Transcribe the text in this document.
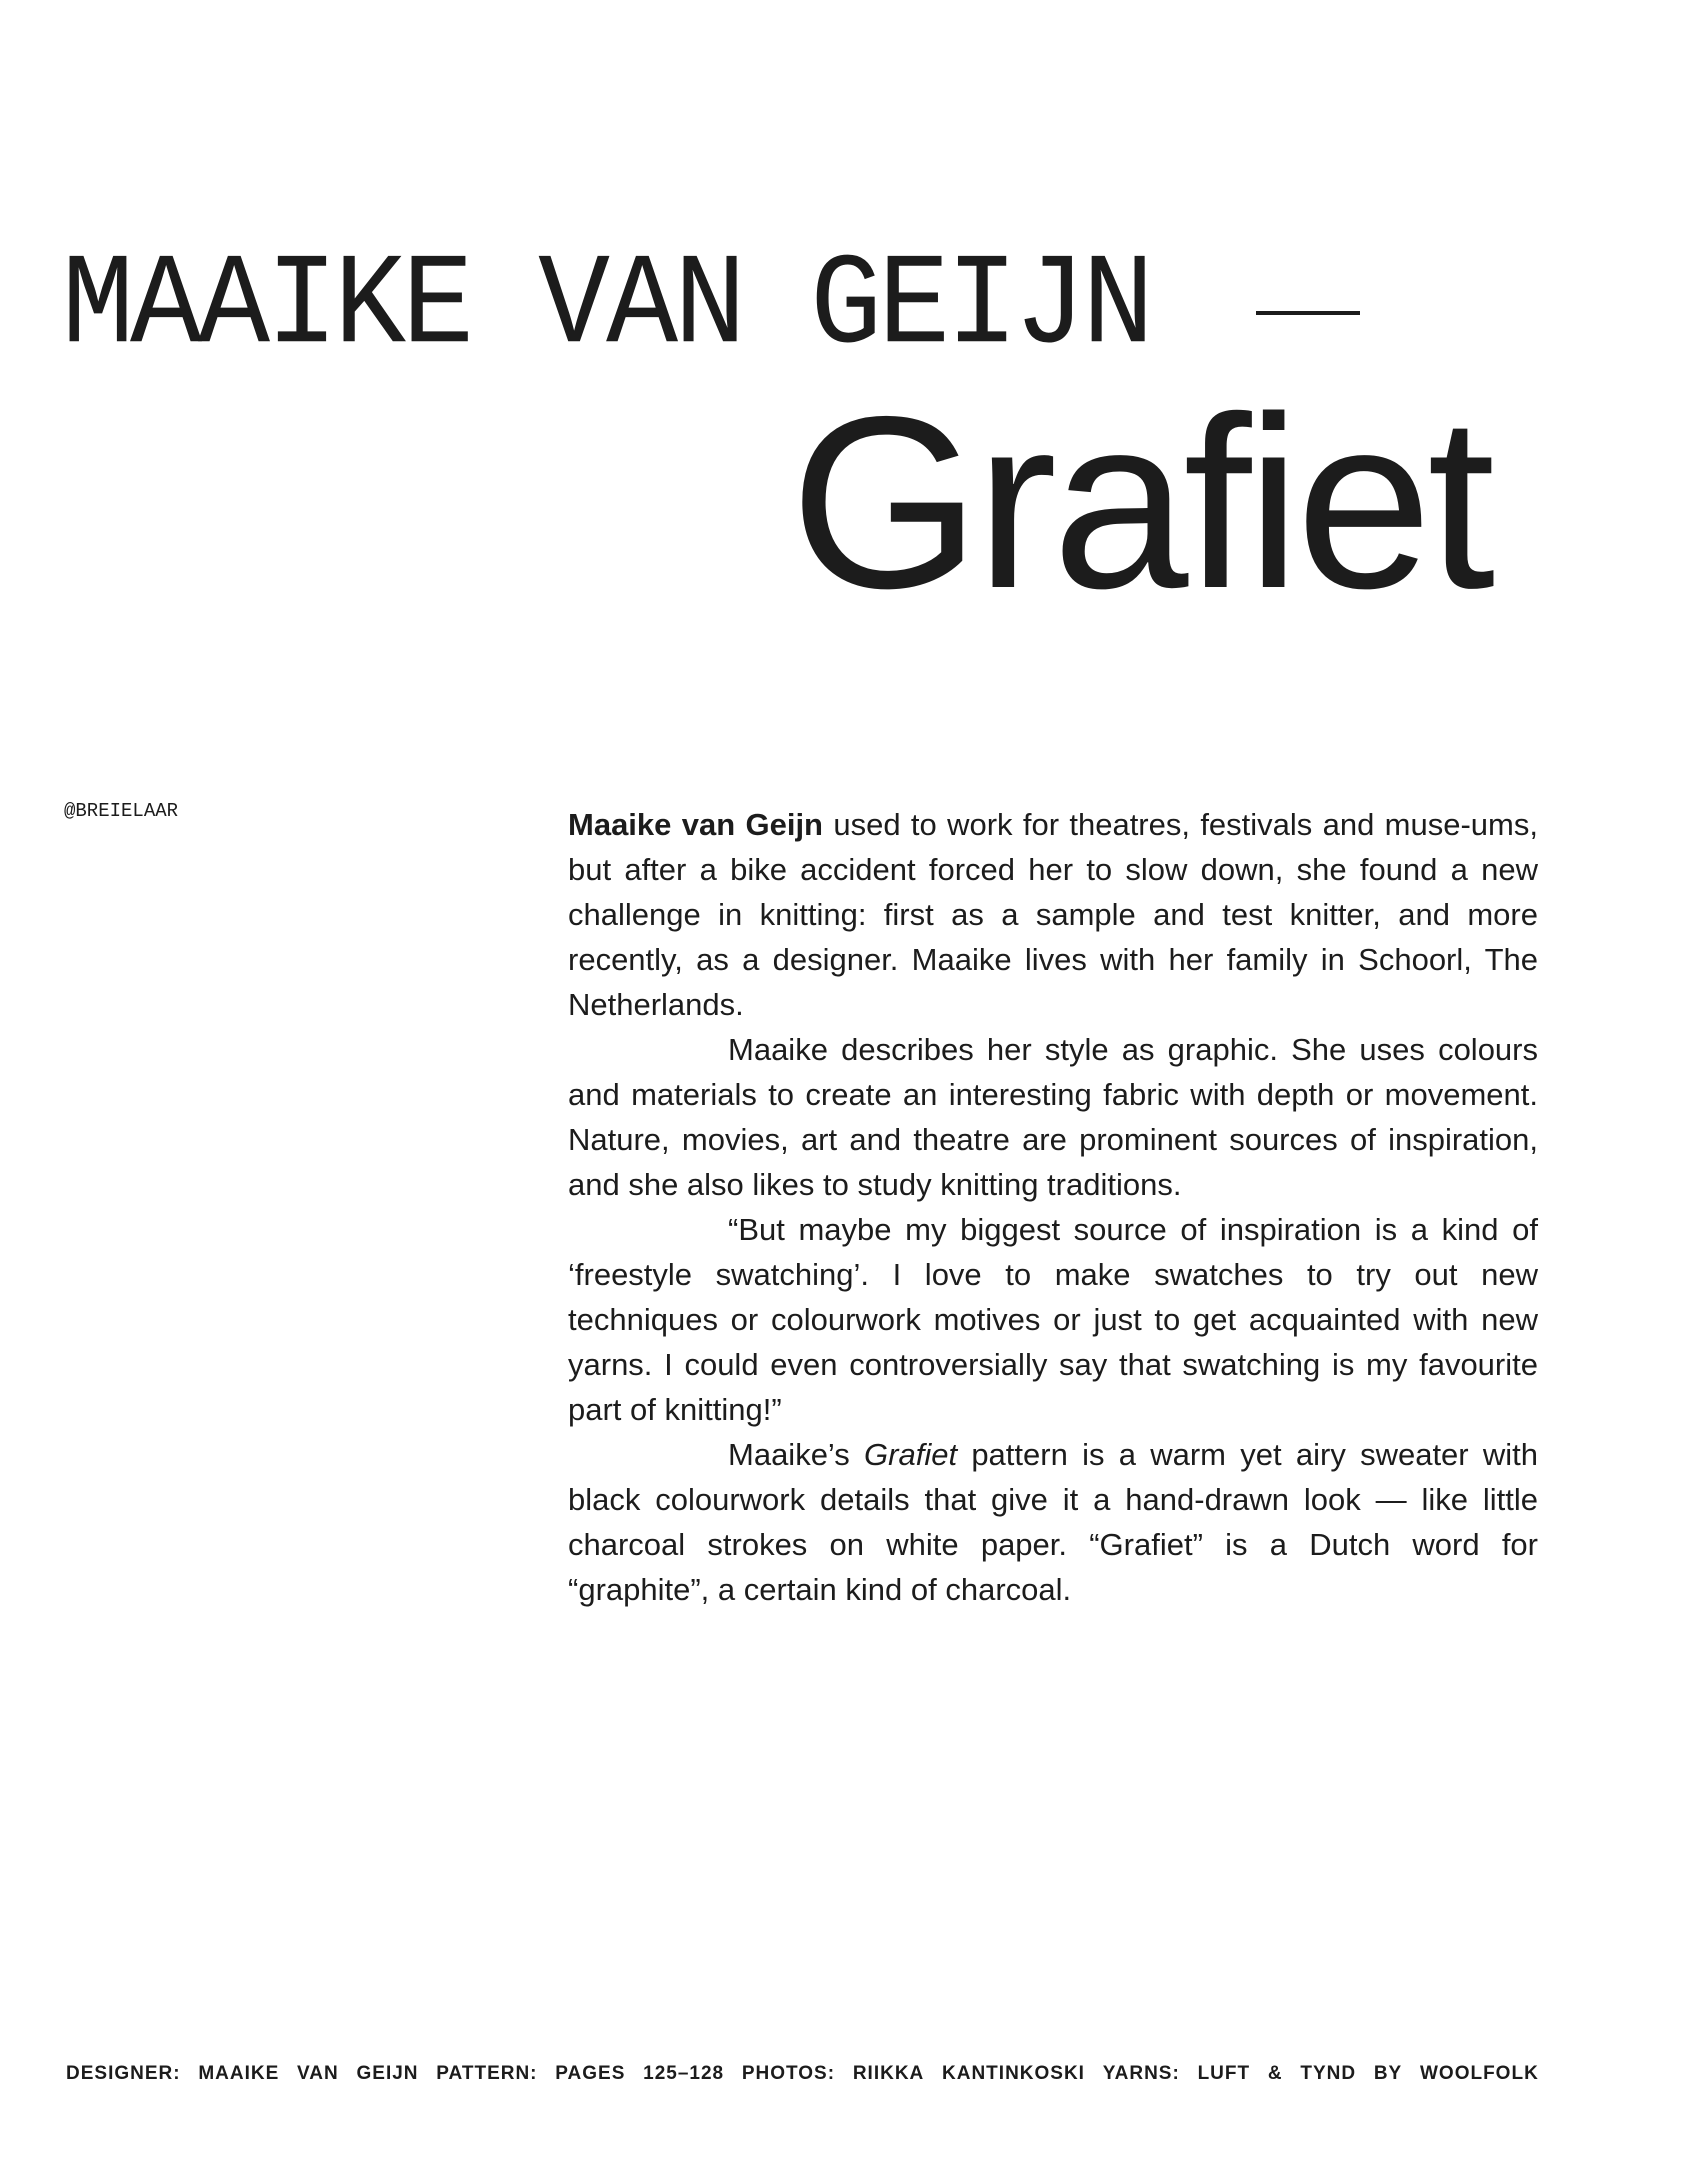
MAAIKE VAN GEIJN
Grafiet
@BREIELAAR	Maaike van Geijn used to work for theatres, festivals and muse-ums, but after a bike accident forced her to slow down, she found a new challenge in knitting: first as a sample and test knitter, and more recently, as a designer. Maaike lives with her family in Schoorl, The Netherlands.

Maaike describes her style as graphic. She uses colours and materials to create an interesting fabric with depth or movement. Nature, movies, art and theatre are prominent sources of inspiration, and she also likes to study knitting traditions.

“But maybe my biggest source of inspiration is a kind of ‘freestyle swatching’. I love to make swatches to try out new techniques or colourwork motives or just to get acquainted with new yarns. I could even controversially say that swatching is my favourite part of knitting!”

Maaike’s Grafiet pattern is a warm yet airy sweater with black colourwork details that give it a hand-drawn look — like little charcoal strokes on white paper. “Grafiet” is a Dutch word for “graphite”, a certain kind of charcoal.

DESIGNER: MAAIKE VAN GEIJN PATTERN: PAGES 125–128 PHOTOS: RIIKKA KANTINKOSKI YARNS: LUFT & TYND BY WOOLFOLK
